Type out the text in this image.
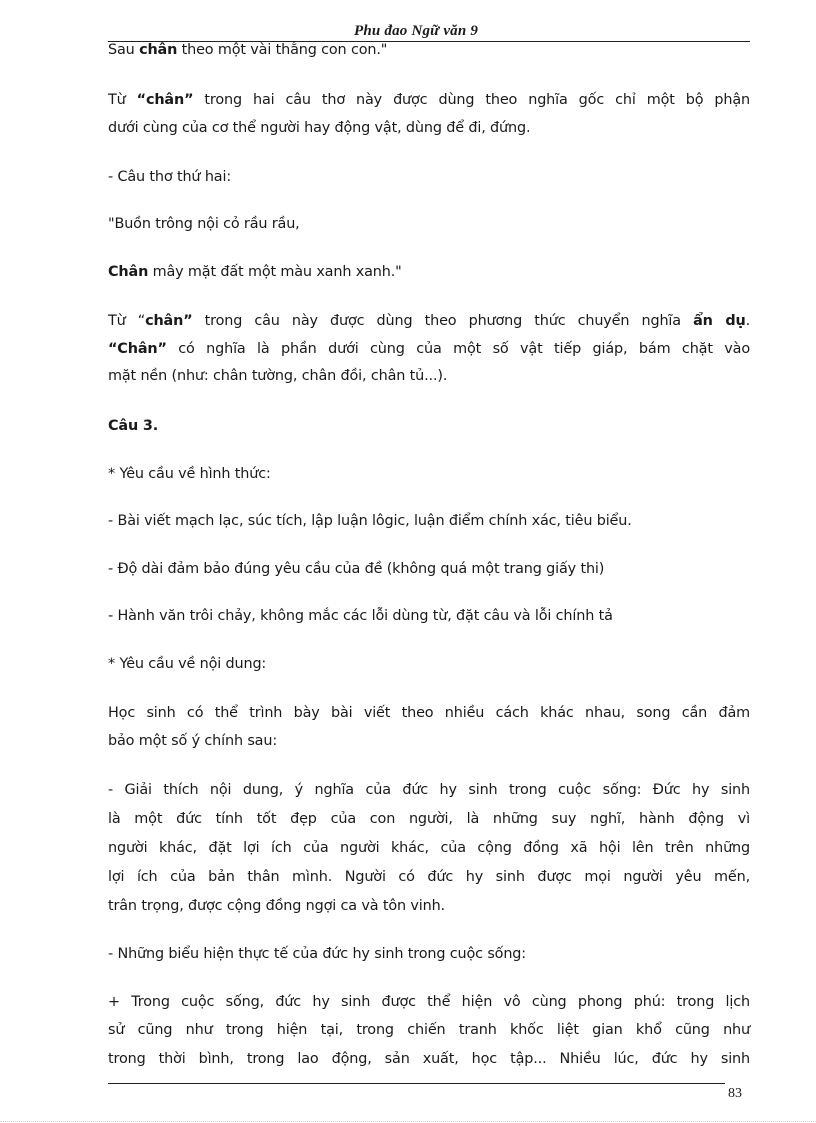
Phu đao Ngữ văn 9
Sau chân theo một vài thằng con con."
Từ “chân” trong hai câu thơ này được dùng theo nghĩa gốc chỉ một bộ phận
dưới cùng của cơ thể người hay động vật, dùng để đi, đứng.
- Câu thơ thứ hai:
"Buồn trông nội cỏ rầu rầu,
Chân mây mặt đất một màu xanh xanh."
Từ “chân” trong câu này được dùng theo phương thức chuyển nghĩa ẩn dụ.
“Chân” có nghĩa là phần dưới cùng của một số vật tiếp giáp, bám chặt vào
mặt nền (như: chân tường, chân đồi, chân tủ...).
Câu 3.
* Yêu cầu về hình thức:
- Bài viết mạch lạc, súc tích, lập luận lôgic, luận điểm chính xác, tiêu biểu.
- Độ dài đảm bảo đúng yêu cầu của đề (không quá một trang giấy thi)
- Hành văn trôi chảy, không mắc các lỗi dùng từ, đặt câu và lỗi chính tả
* Yêu cầu về nội dung:
Học sinh có thể trình bày bài viết theo nhiều cách khác nhau, song cần đảm
bảo một số ý chính sau:
- Giải thích nội dung, ý nghĩa của đức hy sinh trong cuộc sống: Đức hy sinh
là một đức tính tốt đẹp của con người, là những suy nghĩ, hành động vì
người khác, đặt lợi ích của người khác, của cộng đồng xã hội lên trên những
lợi ích của bản thân mình. Người có đức hy sinh được mọi người yêu mến,
trân trọng, được cộng đồng ngợi ca và tôn vinh.
- Những biểu hiện thực tế của đức hy sinh trong cuộc sống:
+ Trong cuộc sống, đức hy sinh được thể hiện vô cùng phong phú: trong lịch
sử cũng như trong hiện tại, trong chiến tranh khốc liệt gian khổ cũng như
trong thời bình, trong lao động, sản xuất, học tập... Nhiều lúc, đức hy sinh
83
